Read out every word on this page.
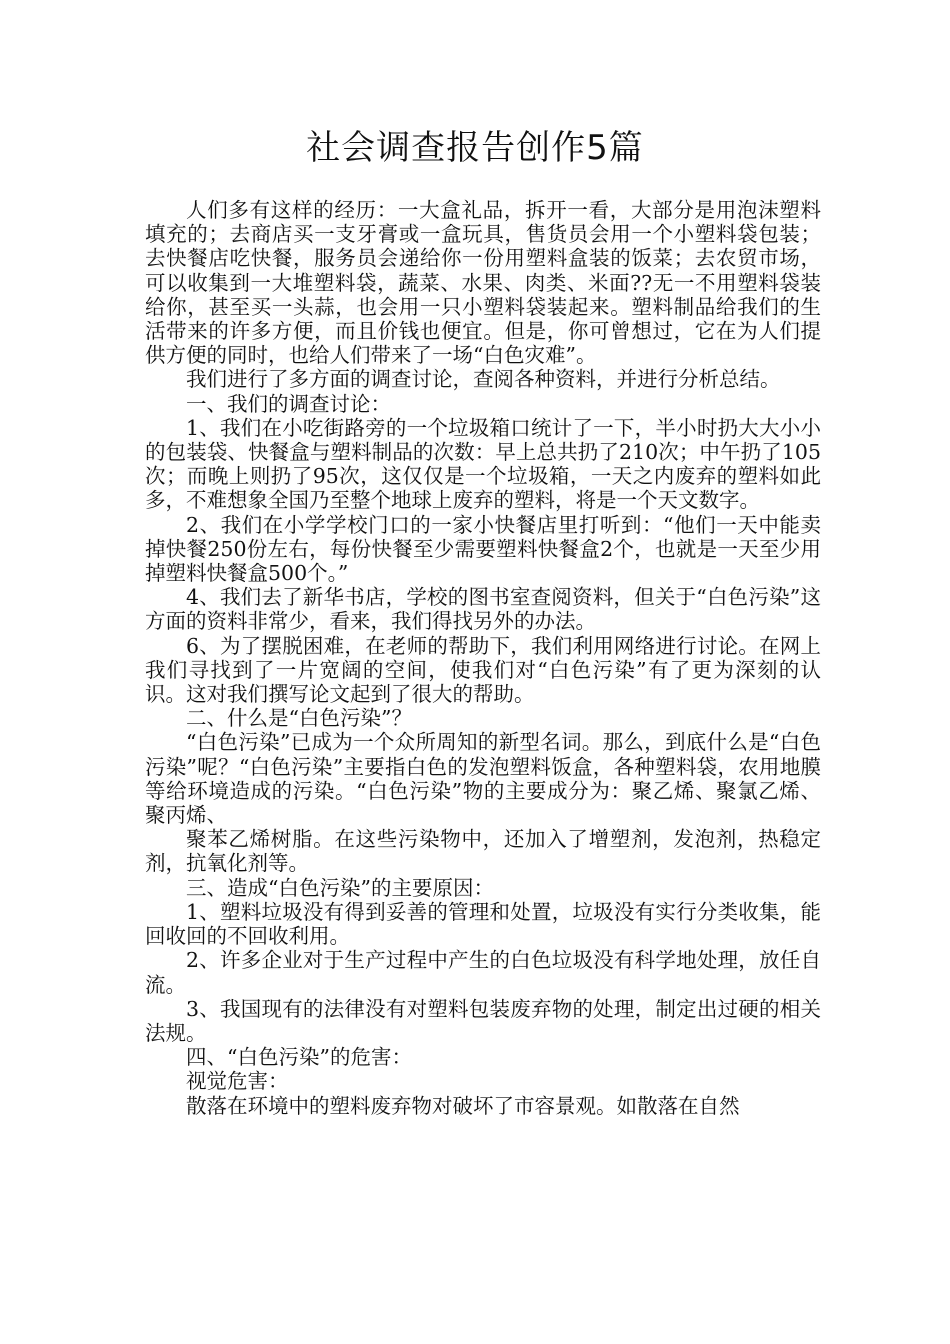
社会调查报告创作5篇

人们多有这样的经历：一大盒礼品，拆开一看，大部分是用泡沫塑料填充的；去商店买一支牙膏或一盒玩具，售货员会用一个小塑料袋包装；去快餐店吃快餐，服务员会递给你一份用塑料盒装的饭菜；去农贸市场，可以收集到一大堆塑料袋，蔬菜、水果、肉类、米面??无一不用塑料袋装给你，甚至买一头蒜，也会用一只小塑料袋装起来。塑料制品给我们的生活带来的许多方便，而且价钱也便宜。但是，你可曾想过，它在为人们提供方便的同时，也给人们带来了一场“白色灾难”。

我们进行了多方面的调查讨论，查阅各种资料，并进行分析总结。

一、我们的调查讨论：

1、我们在小吃街路旁的一个垃圾箱口统计了一下，半小时扔大大小小的包装袋、快餐盒与塑料制品的次数：早上总共扔了210次；中午扔了105次；而晚上则扔了95次，这仅仅是一个垃圾箱，一天之内废弃的塑料如此多，不难想象全国乃至整个地球上废弃的塑料，将是一个天文数字。

2、我们在小学学校门口的一家小快餐店里打听到：“他们一天中能卖掉快餐250份左右，每份快餐至少需要塑料快餐盒2个，也就是一天至少用掉塑料快餐盒500个。”

4、我们去了新华书店，学校的图书室查阅资料，但关于“白色污染”这方面的资料非常少，看来，我们得找另外的办法。

6、为了摆脱困难，在老师的帮助下，我们利用网络进行讨论。在网上我们寻找到了一片宽阔的空间，使我们对“白色污染”有了更为深刻的认识。这对我们撰写论文起到了很大的帮助。

二、什么是“白色污染”？

“白色污染”已成为一个众所周知的新型名词。那么，到底什么是“白色污染”呢？“白色污染”主要指白色的发泡塑料饭盒，各种塑料袋，农用地膜等给环境造成的污染。“白色污染”物的主要成分为：聚乙烯、聚氯乙烯、聚丙烯、

聚苯乙烯树脂。在这些污染物中，还加入了增塑剂，发泡剂，热稳定剂，抗氧化剂等。

三、造成“白色污染”的主要原因：

1、塑料垃圾没有得到妥善的管理和处置，垃圾没有实行分类收集，能回收回的不回收利用。

2、许多企业对于生产过程中产生的白色垃圾没有科学地处理，放任自流。

3、我国现有的法律没有对塑料包装废弃物的处理，制定出过硬的相关法规。

四、“白色污染”的危害：

视觉危害：

散落在环境中的塑料废弃物对破坏了市容景观。如散落在自然
